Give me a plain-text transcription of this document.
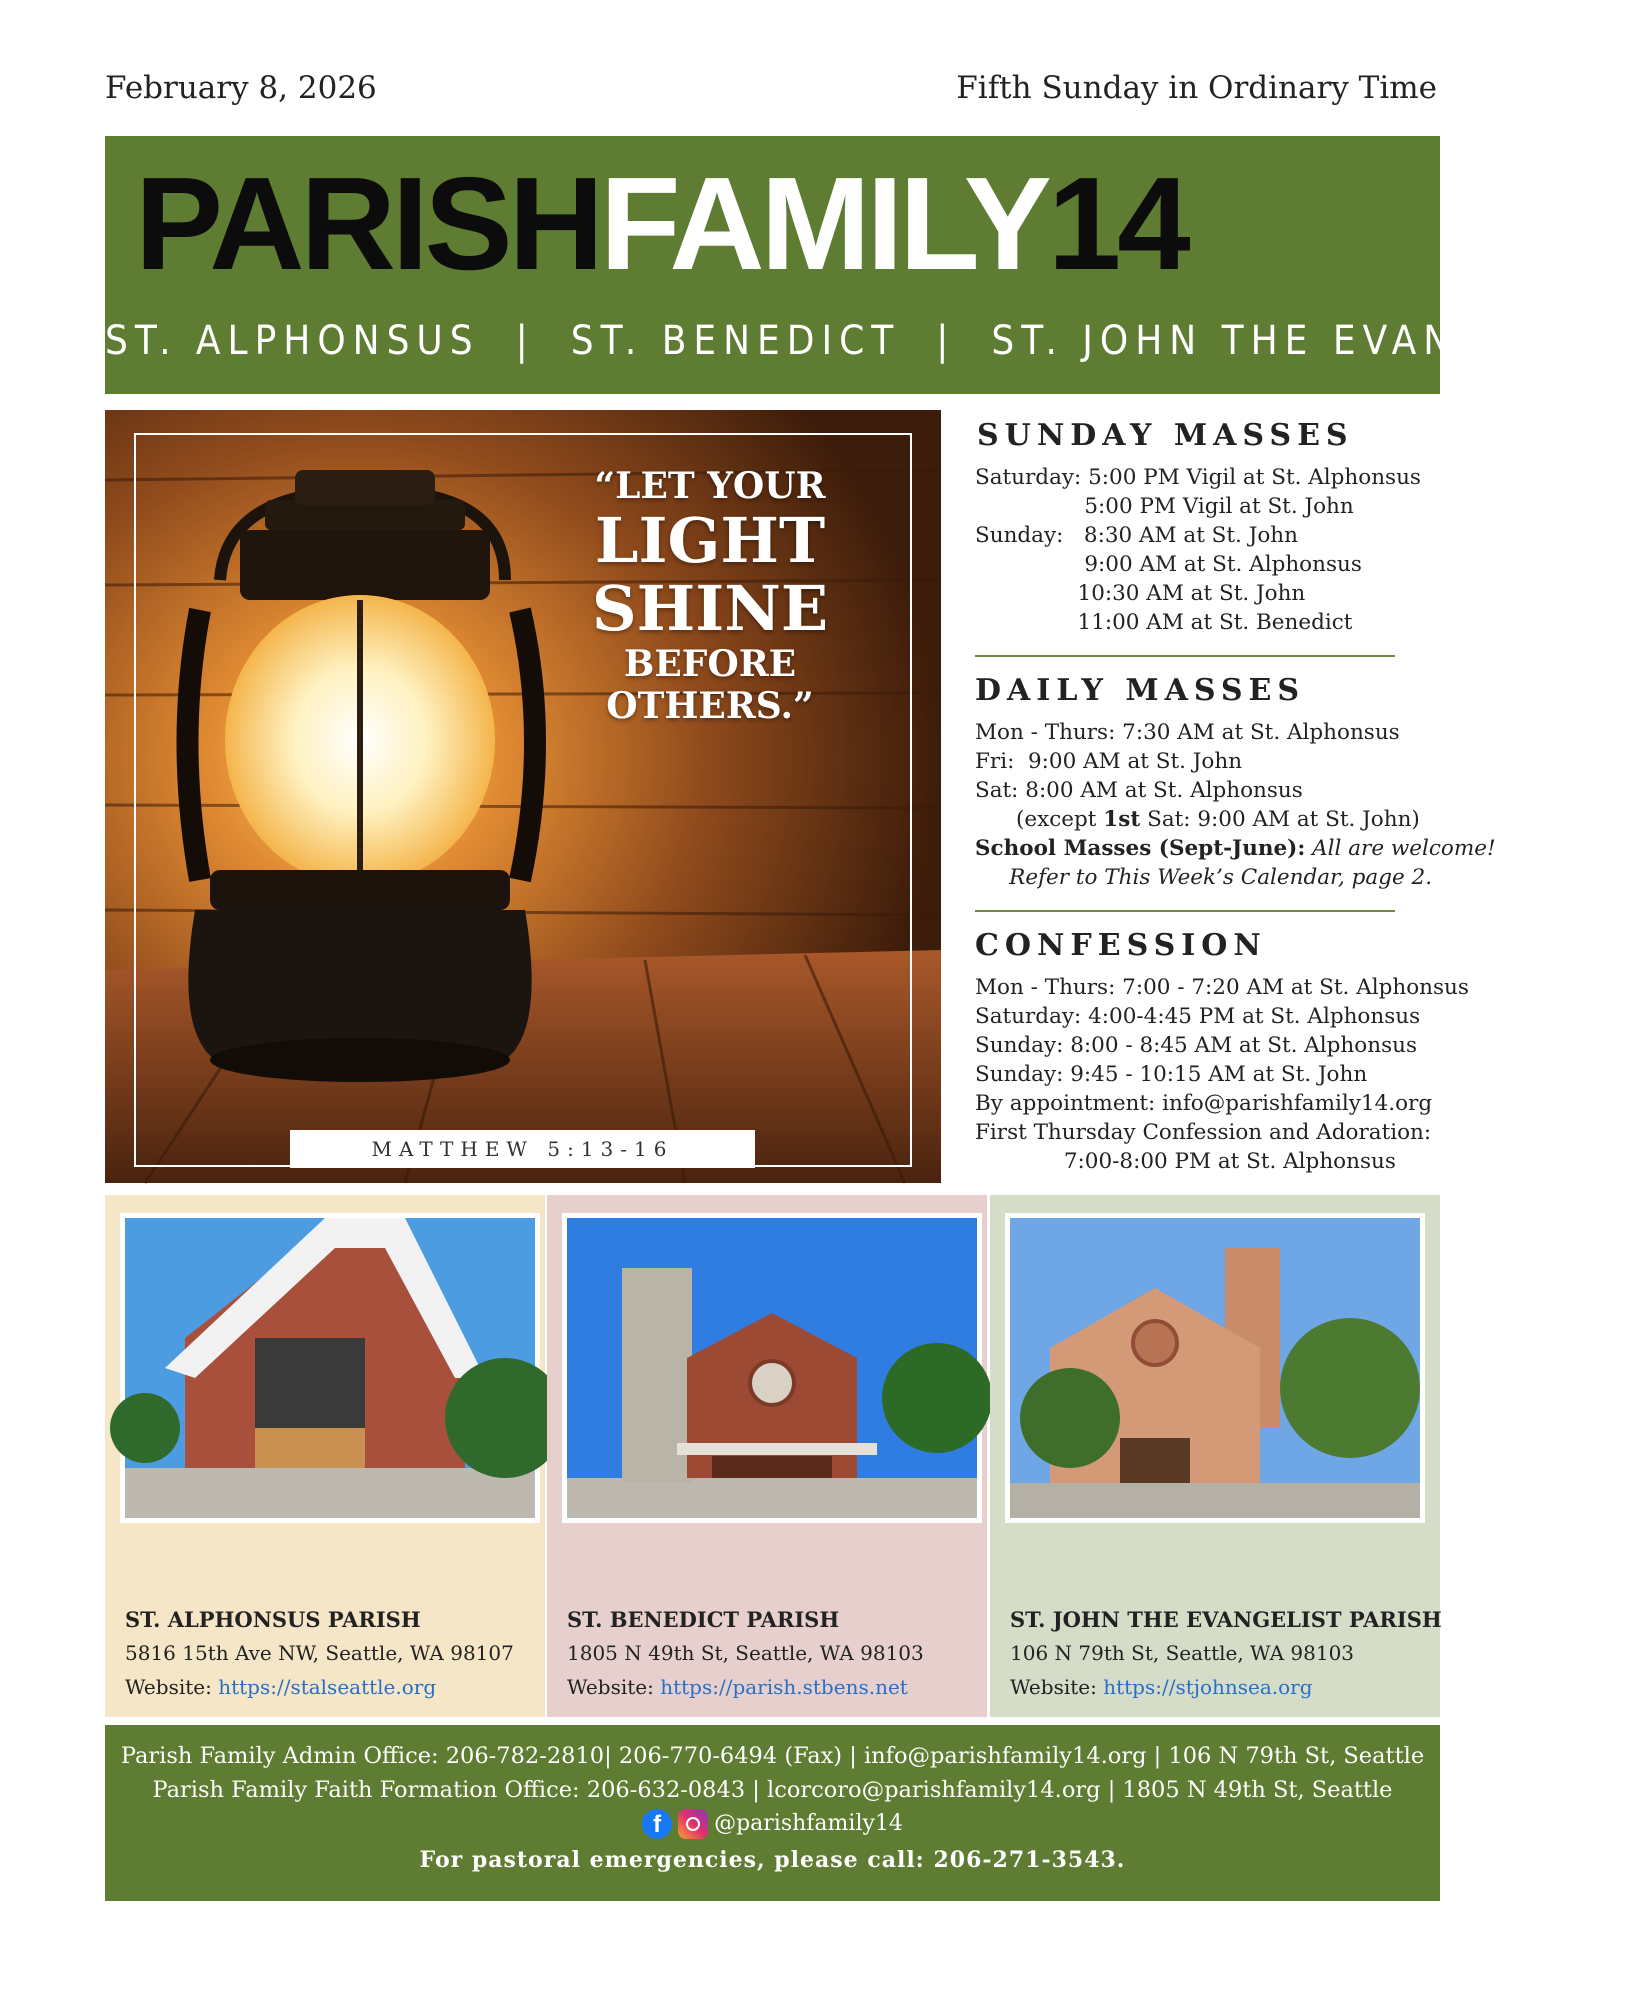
February 8, 2026	Fifth Sunday in Ordinary Time
PARISHFAMILY14
ST. ALPHONSUS | ST. BENEDICT | ST. JOHN THE EVANGELIST
“LET YOUR
LIGHT
SHINE
BEFORE OTHERS.”
MATTHEW 5:13-16
SUNDAY MASSES
Saturday: 5:00 PM Vigil at St. Alphonsus
5:00 PM Vigil at St. John
Sunday:   8:30 AM at St. John
9:00 AM at St. Alphonsus
10:30 AM at St. John
11:00 AM at St. Benedict
DAILY MASSES
Mon - Thurs: 7:30 AM at St. Alphonsus
Fri:  9:00 AM at St. John
Sat: 8:00 AM at St. Alphonsus
(except 1st Sat: 9:00 AM at St. John)
School Masses (Sept-June): All are welcome!
Refer to This Week’s Calendar, page 2.
CONFESSION
Mon - Thurs: 7:00 - 7:20 AM at St. Alphonsus
Saturday: 4:00-4:45 PM at St. Alphonsus
Sunday: 8:00 - 8:45 AM at St. Alphonsus
Sunday: 9:45 - 10:15 AM at St. John
By appointment: info@parishfamily14.org
First Thursday Confession and Adoration:
7:00-8:00 PM at St. Alphonsus
ST. ALPHONSUS PARISH
5816 15th Ave NW, Seattle, WA 98107
Website: https://stalseattle.org
ST. BENEDICT PARISH
1805 N 49th St, Seattle, WA 98103
Website: https://parish.stbens.net
ST. JOHN THE EVANGELIST PARISH
106 N 79th St, Seattle, WA 98103
Website: https://stjohnsea.org
Parish Family Admin Office: 206-782-2810| 206-770-6494 (Fax) | info@parishfamily14.org | 106 N 79th St, Seattle
Parish Family Faith Formation Office: 206-632-0843 | lcorcoro@parishfamily14.org | 1805 N 49th St, Seattle
f	@parishfamily14
For pastoral emergencies, please call: 206-271-3543.
